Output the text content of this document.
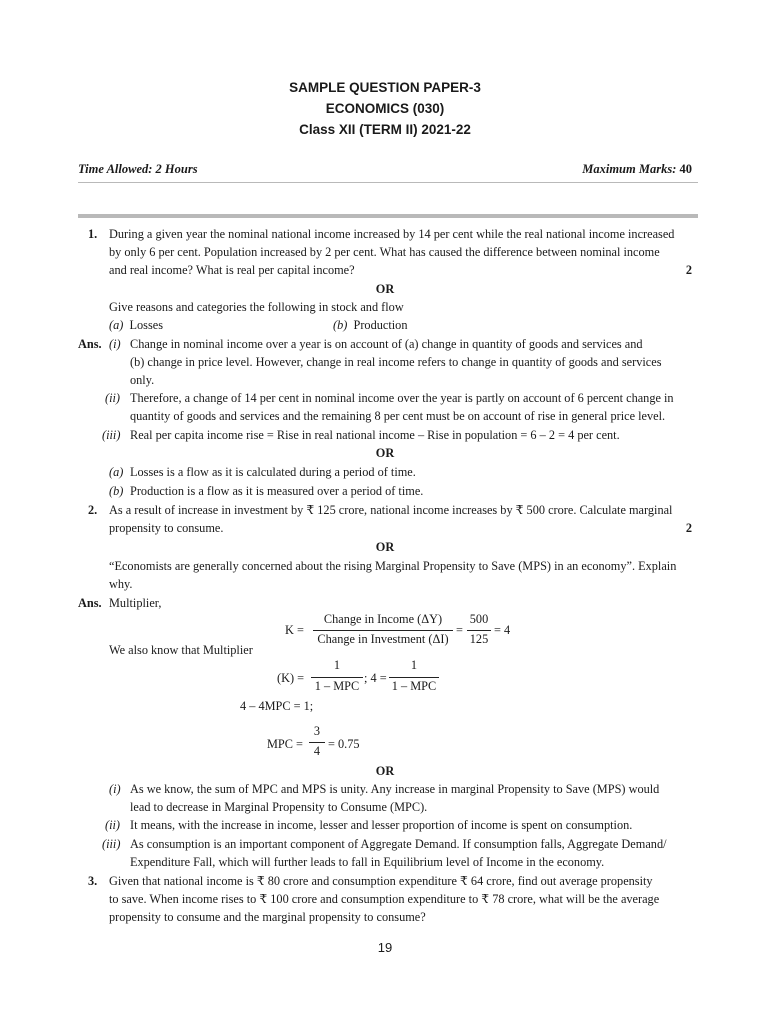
SAMPLE QUESTION PAPER-3
ECONOMICS (030)
Class XII (TERM II) 2021-22
Time Allowed: 2 Hours	Maximum Marks: 40
1. During a given year the nominal national income increased by 14 per cent while the real national income increased
by only 6 per cent. Population increased by 2 per cent. What has caused the difference between nominal income
and real income? What is real per capital income?	2
OR
Give reasons and categories the following in stock and flow
(a) Losses	(b) Production
Ans. (i) Change in nominal income over a year is on account of (a) change in quantity of goods and services and
(b) change in price level. However, change in real income refers to change in quantity of goods and services
only.
(ii) Therefore, a change of 14 per cent in nominal income over the year is partly on account of 6 percent change in
quantity of goods and services and the remaining 8 per cent must be on account of rise in general price level.
(iii) Real per capita income rise = Rise in real national income – Rise in population = 6 – 2 = 4 per cent.
OR
(a) Losses is a flow as it is calculated during a period of time.
(b) Production is a flow as it is measured over a period of time.
2. As a result of increase in investment by ₹ 125 crore, national income increases by ₹ 500 crore. Calculate marginal
propensity to consume.	2
OR
“Economists are generally concerned about the rising Marginal Propensity to Save (MPS) in an economy”. Explain
why.
Ans. Multiplier,
K =
Change in Income (ΔY)
Change in Investment (ΔI)
=
500
125
= 4
We also know that Multiplier
(K) =
1
1 – MPC
; 4 =
1
1 – MPC
4 – 4MPC = 1;
MPC =
3
4 = 0.75
OR
(i) As we know, the sum of MPC and MPS is unity. Any increase in marginal Propensity to Save (MPS) would
lead to decrease in Marginal Propensity to Consume (MPC).
(ii) It means, with the increase in income, lesser and lesser proportion of income is spent on consumption.
(iii) As consumption is an important component of Aggregate Demand. If consumption falls, Aggregate Demand/
Expenditure Fall, which will further leads to fall in Equilibrium level of Income in the economy.
3. Given that national income is ₹ 80 crore and consumption expenditure ₹ 64 crore, find out average propensity
to save. When income rises to ₹ 100 crore and consumption expenditure to ₹ 78 crore, what will be the average
propensity to consume and the marginal propensity to consume?
19
